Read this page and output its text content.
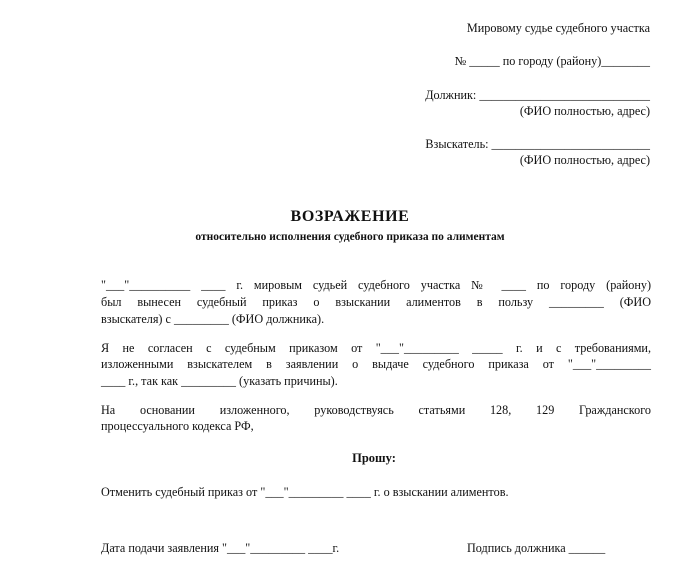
Мировому судье судебного участка
№ _____ по городу (району)________
Должник: ____________________________
(ФИО полностью, адрес)
Взыскатель: __________________________
(ФИО полностью, адрес)
ВОЗРАЖЕНИЕ
относительно исполнения судебного приказа по алиментам
"___"__________ ____ г. мировым судьей судебного участка № ____ по городу (району)
был вынесен судебный приказ о взыскании алиментов в пользу _________ (ФИО
взыскателя) с _________ (ФИО должника).
Я не согласен с судебным приказом от "___"_________ _____ г. и с требованиями,
изложенными взыскателем в заявлении о выдаче судебного приказа от "___"_________
____ г., так как _________ (указать причины).
На основании изложенного, руководствуясь статьями 128, 129 Гражданского
процессуального кодекса РФ,
Прошу:
Отменить судебный приказ от "___"_________ ____ г. о взыскании алиментов.
Дата подачи заявления "___"_________ ____г.	Подпись должника ______
